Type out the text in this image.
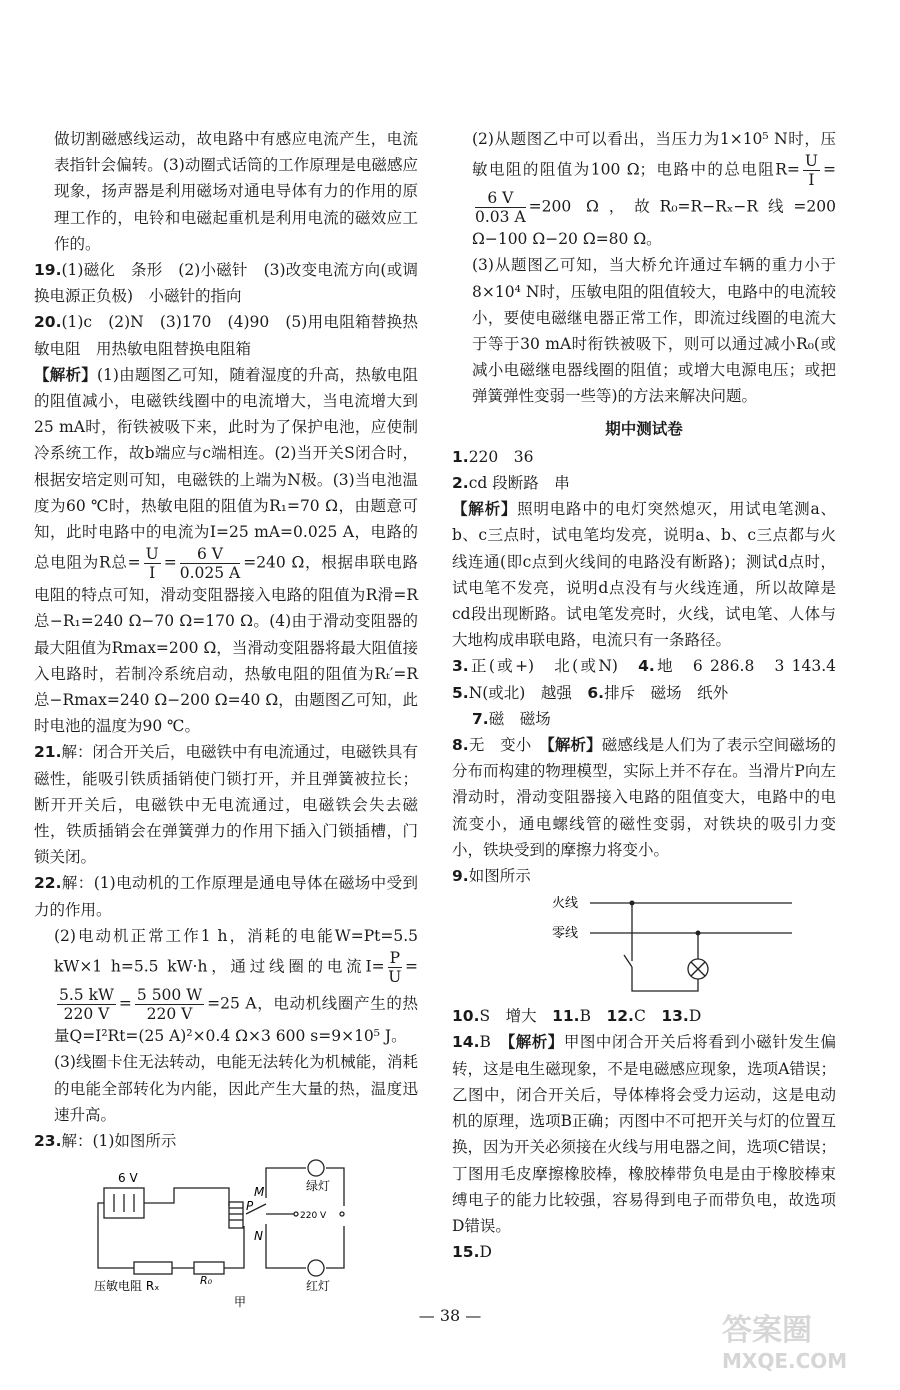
做切割磁感线运动，故电路中有感应电流产生，电流表指针会偏转。(3)动圈式话筒的工作原理是电磁感应现象，扬声器是利用磁场对通电导体有力的作用的原理工作的，电铃和电磁起重机是利用电流的磁效应工作的。

19.(1)磁化　条形　(2)小磁针　(3)改变电流方向(或调换电源正负极)　小磁针的指向

20.(1)c　(2)N　(3)170　(4)90　(5)用电阻箱替换热敏电阻　用热敏电阻替换电阻箱

【解析】(1)由题图乙可知，随着湿度的升高，热敏电阻的阻值减小，电磁铁线圈中的电流增大，当电流增大到25 mA时，衔铁被吸下来，此时为了保护电池，应使制冷系统工作，故b端应与c端相连。(2)当开关S闭合时，根据安培定则可知，电磁铁的上端为N极。(3)当电池温度为60 ℃时，热敏电阻的阻值为R₁=70 Ω，由题意可知，此时电路中的电流为I=25 mA=0.025 A，电路的总电阻为R总= $\frac{U}{I} = \frac{6 V}{0.025 A} =240$ Ω，根据串联电路电阻的特点可知，滑动变阻器接入电路的阻值为R滑=R总−R₁=240 Ω−70 Ω=170 Ω。(4)由于滑动变阻器的最大阻值为Rmax=200 Ω，当滑动变阻器将最大阻值接入电路时，若制冷系统启动，热敏电阻的阻值为Rₜ′=R总−Rmax=240 Ω−200 Ω=40 Ω，由题图乙可知，此时电池的温度为90 ℃。

21.解：闭合开关后，电磁铁中有电流通过，电磁铁具有磁性，能吸引铁质插销使门锁打开，并且弹簧被拉长；断开开关后，电磁铁中无电流通过，电磁铁会失去磁性，铁质插销会在弹簧弹力的作用下插入门锁插槽，门锁关闭。

22.解：(1)电动机的工作原理是通电导体在磁场中受到力的作用。

(2)电动机正常工作1 h，消耗的电能W=Pt=5.5 kW×1 h=5.5 kW·h，通过线圈的电流$I= \frac{P}{U}$ =
$\frac{5.5 kW}{220 V} = \frac{5 500 W}{220 V} =25$ A，电动机线圈产生的热量Q=I²Rt=(25 A)²×0.4 Ω×3 600 s=9×10⁵ J。

(3)线圈卡住无法转动，电能无法转化为机械能，消耗的电能全部转化为内能，因此产生大量的热，温度迅速升高。

23.解：(1)如图所示

6 V
M
P
N
绿灯
红灯
220 V
R₀
压敏电阻 Rₓ
甲

(2)从题图乙中可以看出，当压力为1×10⁵ N时，压敏电阻的阻值为100 Ω；电路中的总电阻$R= \frac{U}{I}$ =
$\frac{6 V}{0.03 A} =200$ Ω，故R₀=R−Rₓ−R线=200 Ω−100 Ω−20 Ω=80 Ω。

(3)从题图乙可知，当大桥允许通过车辆的重力小于8×10⁴ N时，压敏电阻的阻值较大，电路中的电流较小，要使电磁继电器正常工作，即流过线圈的电流大于等于30 mA时衔铁被吸下，则可以通过减小R₀(或减小电磁继电器线圈的阻值；或增大电源电压；或把弹簧弹性变弱一些等)的方法来解决问题。

期中测试卷

1.220　36

2.cd 段断路　串

【解析】照明电路中的电灯突然熄灭，用试电笔测a、b、c三点时，试电笔均发亮，说明a、b、c三点都与火线连通(即c点到火线间的电路没有断路)；测试d点时，试电笔不发亮，说明d点没有与火线连通，所以故障是cd段出现断路。试电笔发亮时，火线，试电笔、人体与大地构成串联电路，电流只有一条路径。

3.正(或+)　北(或N)　 4.地　6 286.8　3 143.4　5.N(或北)　越强　 6.排斥　磁场　纸外

7.磁　磁场

8.无　变小　 【解析】磁感线是人们为了表示空间磁场的分布而构建的物理模型，实际上并不存在。当滑片P向左滑动时，滑动变阻器接入电路的阻值变大，电路中的电流变小，通电螺线管的磁性变弱，对铁块的吸引力变小，铁块受到的摩擦力将变小。

9.如图所示

火线
零线

10.S　增大　 11.B　 12.C　 13.D

14.B　 【解析】甲图中闭合开关后将看到小磁针发生偏转，这是电生磁现象，不是电磁感应现象，选项A错误；乙图中，闭合开关后，导体棒将会受力运动，这是电动机的原理，选项B正确；丙图中不可把开关与灯的位置互换，因为开关必须接在火线与用电器之间，选项C错误；丁图用毛皮摩擦橡胶棒，橡胶棒带负电是由于橡胶棒束缚电子的能力比较强，容易得到电子而带负电，故选项D错误。

15.D

— 38 —	答案圈
MXQE.COM
